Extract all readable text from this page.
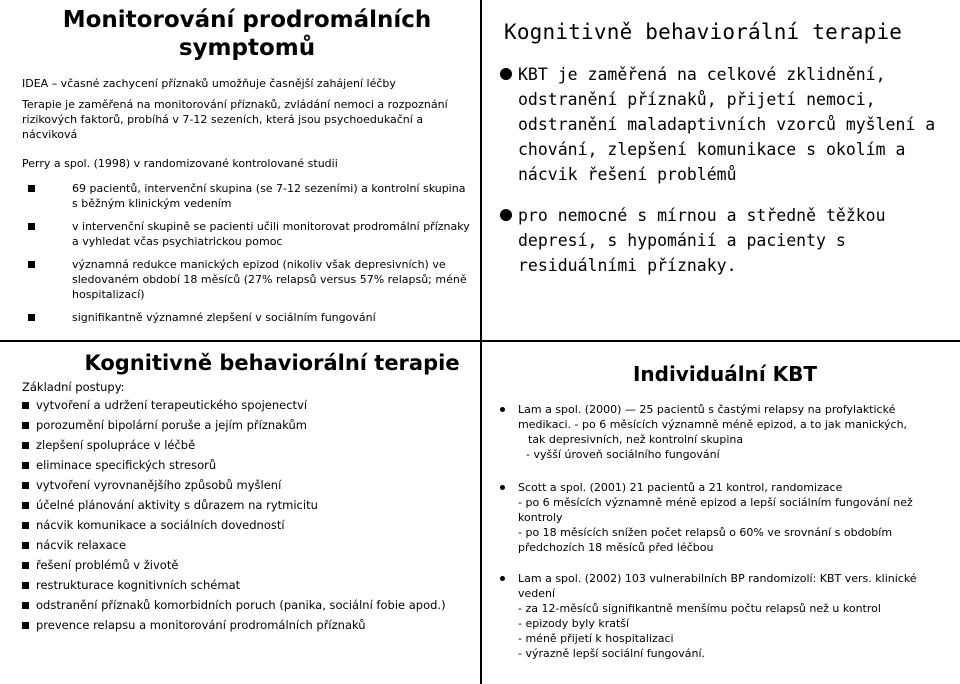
Monitorování prodromálních symptomů
IDEA – včasné zachycení příznaků umožňuje časnější zahájení léčby
Terapie je zaměřená na monitorování příznaků, zvládání nemoci a rozpoznání rizikových faktorů, probíhá v 7-12 sezeních, která jsou psychoedukační a nácviková
Perry a spol. (1998) v randomizované kontrolované studii
69 pacientů, intervenční skupina (se 7-12 sezeními) a kontrolní skupina s běžným klinickým vedením
v intervenční skupině se pacienti učili monitorovat prodromální příznaky a vyhledat včas psychiatrickou pomoc
významná redukce manických epizod (nikoliv však depresivních) ve sledovaném období 18 měsíců (27% relapsů versus 57% relapsů; méně hospitalizací)
signifikantně významné zlepšení v sociálním fungování
Kognitivně behaviorální terapie
KBT je zaměřená na celkové zklidnění, odstranění příznaků, přijetí nemoci, odstranění maladaptivních vzorců myšlení a chování, zlepšení komunikace s okolím a nácvik řešení problémů
pro nemocné s mírnou a středně těžkou depresí, s hypománií a pacienty s residuálními příznaky.
Kognitivně behaviorální terapie
Základní postupy:
vytvoření a udržení terapeutického spojenectví
porozumění bipolární poruše a jejím příznakům
zlepšení spolupráce v léčbě
eliminace specifických stresorů
vytvoření vyrovnanějšího způsobů myšlení
účelné plánování aktivity s důrazem na rytmicitu
nácvik komunikace a sociálních dovedností
nácvik relaxace
řešení problémů v životě
restrukturace kognitivních schémat
odstranění příznaků komorbidních poruch (panika, sociální fobie apod.)
prevence relapsu a monitorování prodromálních příznaků
Individuální KBT
Lam a spol. (2000) — 25 pacientů s častými relapsy na profylaktické
medikaci. - po 6 měsících významně méně epizod, a to jak manických,
tak depresivních, než kontrolní skupina
- vyšší úroveň sociálního fungování
Scott a spol. (2001) 21 pacientů a 21 kontrol, randomizace
- po 6 měsících významně méně epizod a lepší sociálním fungování než kontroly
- po 18 měsících snížen počet relapsů o 60% ve srovnání s obdobím předchozích 18 měsíců před léčbou
Lam a spol. (2002) 103 vulnerabilních BP randomizolí: KBT vers. klinické vedení
- za 12-měsíců signifikantně menšímu počtu relapsů než u kontrol
- epizody byly kratší
- méně přijetí k hospitalizaci
- výrazně lepší sociální fungování.
